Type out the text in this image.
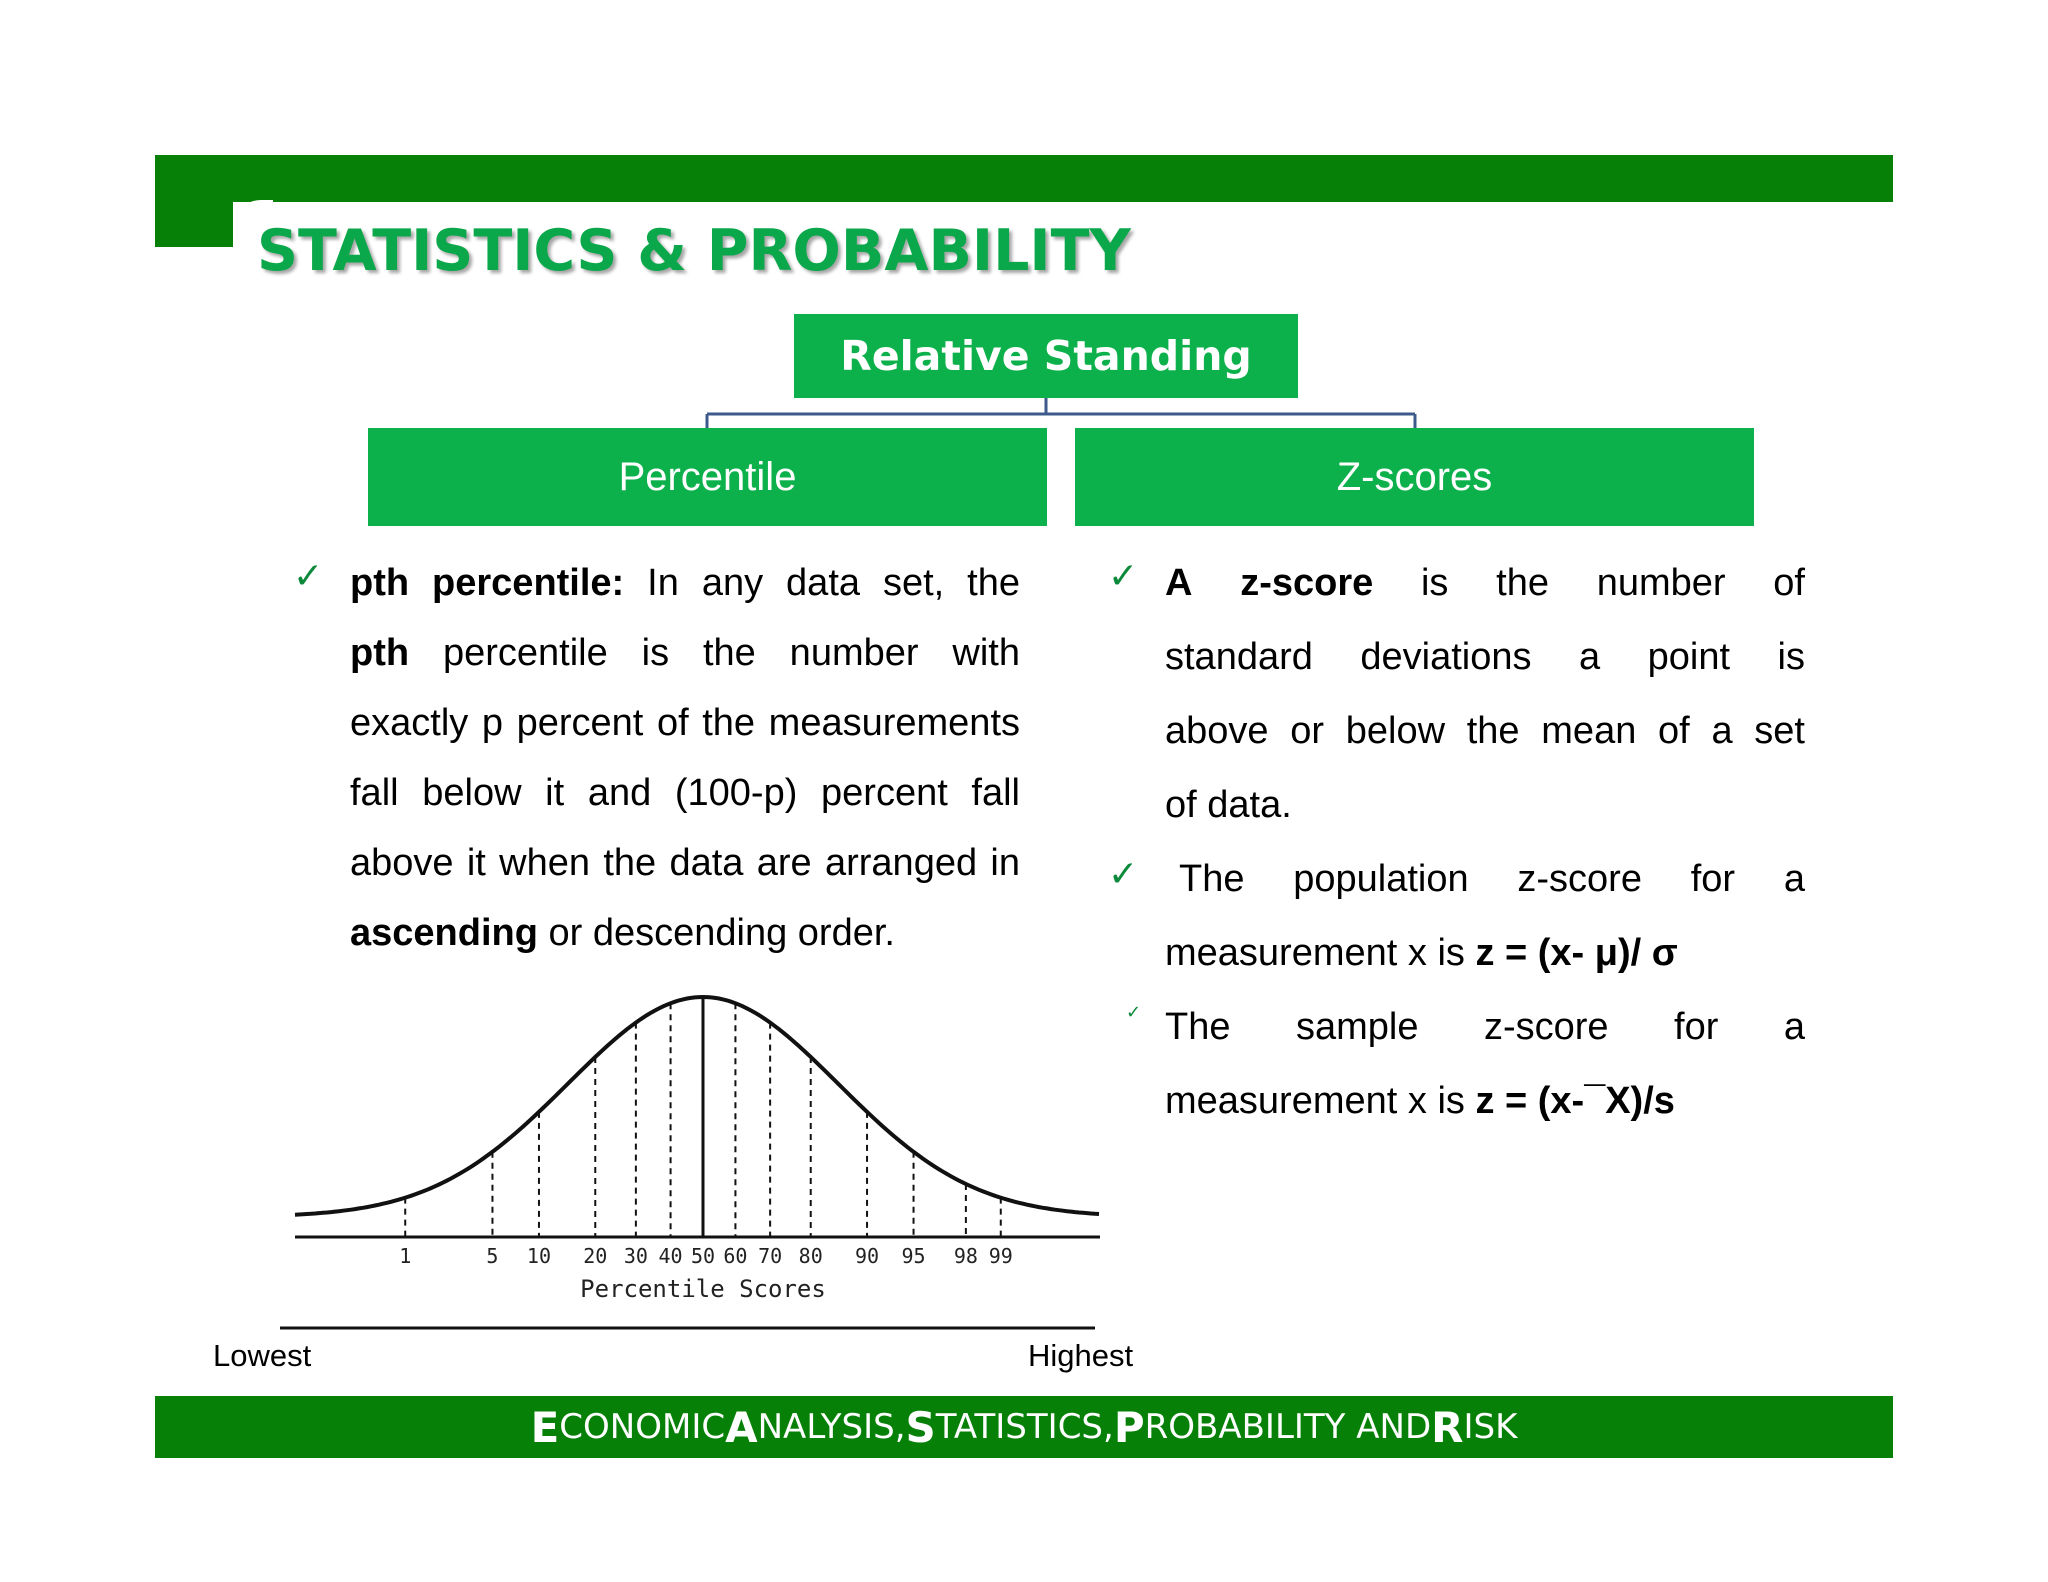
STATISTICS & PROBABILITY
Relative Standing
Percentile	Z-scores
✓ pth percentile: In any data set, the
pth percentile is the number with
exactly p percent of the measurements
fall below it and (100-p) percent fall
above it when the data are arranged in
ascending or descending order.
✓
✓
✓
A z-score is the number of
standard deviations a point is
above or below the mean of a set
of data.
The population z-score for a
measurement x is z = (x- μ)/ σ
The sample z-score for a
measurement x is z = (x-¯X)/s
1	5 10 20 30 40 50 60 70 80 90 95 98 99
Percentile Scores
Lowest	Highest
E CONOMIC A NALYSIS, S TATISTICS, P ROBABILITY AND R ISK
